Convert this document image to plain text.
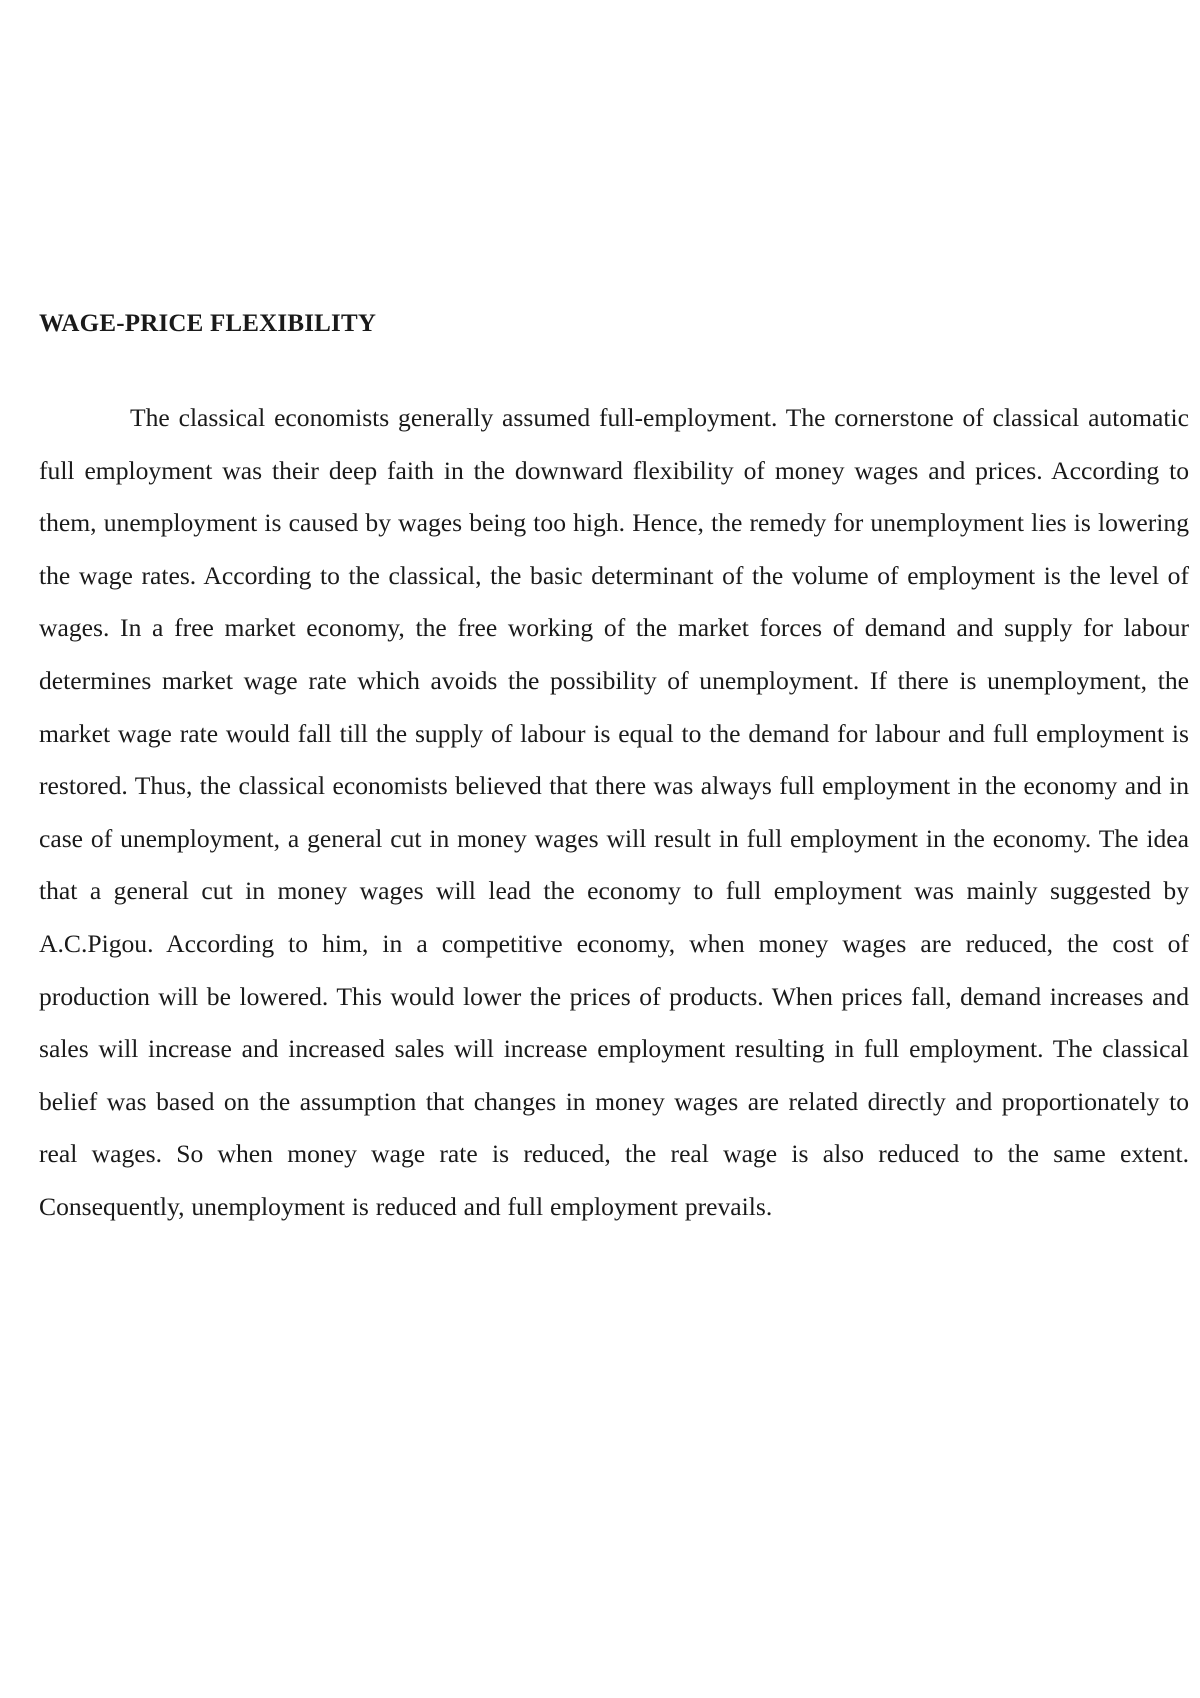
WAGE-PRICE FLEXIBILITY

The classical economists generally assumed full-employment. The cornerstone of classical automatic full employment was their deep faith in the downward flexibility of money wages and prices. According to them, unemployment is caused by wages being too high. Hence, the remedy for unemployment lies is lowering the wage rates. According to the classical, the basic determinant of the volume of employment is the level of wages. In a free market economy, the free working of the market forces of demand and supply for labour determines market wage rate which avoids the possibility of unemployment. If there is unemployment, the market wage rate would fall till the supply of labour is equal to the demand for labour and full employment is restored. Thus, the classical economists believed that there was always full employment in the economy and in case of unemployment, a general cut in money wages will result in full employment in the economy. The idea that a general cut in money wages will lead the economy to full employment was mainly suggested by A.C.Pigou. According to him, in a competitive economy, when money wages are reduced, the cost of production will be lowered. This would lower the prices of products. When prices fall, demand increases and sales will increase and increased sales will increase employment resulting in full employment. The classical belief was based on the assumption that changes in money wages are related directly and proportionately to real wages. So when money wage rate is reduced, the real wage is also reduced to the same extent. Consequently, unemployment is reduced and full employment prevails.
